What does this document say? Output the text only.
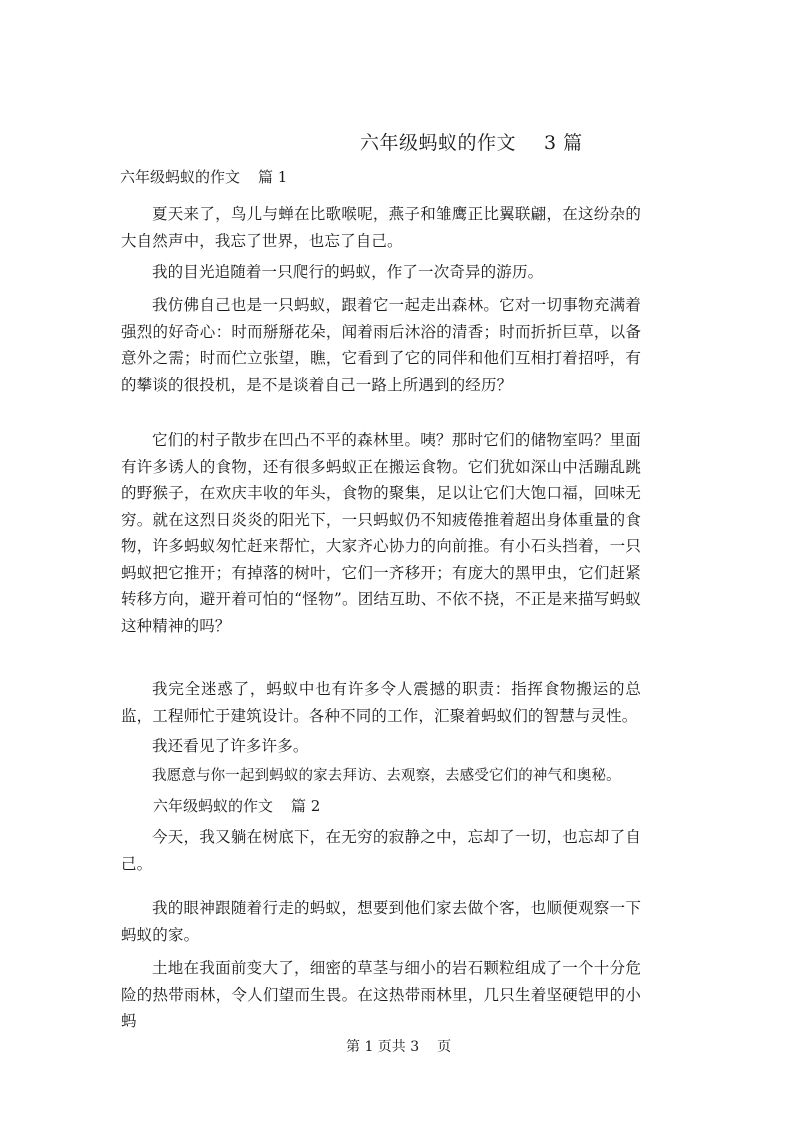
六年级蚂蚁的作文 3 篇
六年级蚂蚁的作文 篇 1

夏天来了，鸟儿与蝉在比歌喉呢，燕子和雏鹰正比翼联翩，在这纷杂的大自然声中，我忘了世界，也忘了自己。

我的目光追随着一只爬行的蚂蚁，作了一次奇异的游历。

我仿佛自己也是一只蚂蚁，跟着它一起走出森林。它对一切事物充满着强烈的好奇心：时而掰掰花朵，闻着雨后沐浴的清香；时而折折巨草，以备意外之需；时而伫立张望，瞧，它看到了它的同伴和他们互相打着招呼，有的攀谈的很投机，是不是谈着自己一路上所遇到的经历？

它们的村子散步在凹凸不平的森林里。咦？那时它们的储物室吗？里面有许多诱人的食物，还有很多蚂蚁正在搬运食物。它们犹如深山中活蹦乱跳的野猴子，在欢庆丰收的年头，食物的聚集，足以让它们大饱口福，回味无穷。就在这烈日炎炎的阳光下，一只蚂蚁仍不知疲倦推着超出身体重量的食物，许多蚂蚁匆忙赶来帮忙，大家齐心协力的向前推。有小石头挡着，一只蚂蚁把它推开；有掉落的树叶，它们一齐移开；有庞大的黑甲虫，它们赶紧转移方向，避开着可怕的“怪物”。团结互助、不依不挠，不正是来描写蚂蚁这种精神的吗？

我完全迷惑了，蚂蚁中也有许多令人震撼的职责：指挥食物搬运的总监，工程师忙于建筑设计。各种不同的工作，汇聚着蚂蚁们的智慧与灵性。

我还看见了许多许多。

我愿意与你一起到蚂蚁的家去拜访、去观察，去感受它们的神气和奥秘。

六年级蚂蚁的作文 篇 2

今天，我又躺在树底下，在无穷的寂静之中，忘却了一切，也忘却了自己。

我的眼神跟随着行走的蚂蚁，想要到他们家去做个客，也顺便观察一下蚂蚁的家。

土地在我面前变大了，细密的草茎与细小的岩石颗粒组成了一个十分危险的热带雨林，令人们望而生畏。在这热带雨林里，几只生着坚硬铠甲的小蚂

第 1 页共 3 页
